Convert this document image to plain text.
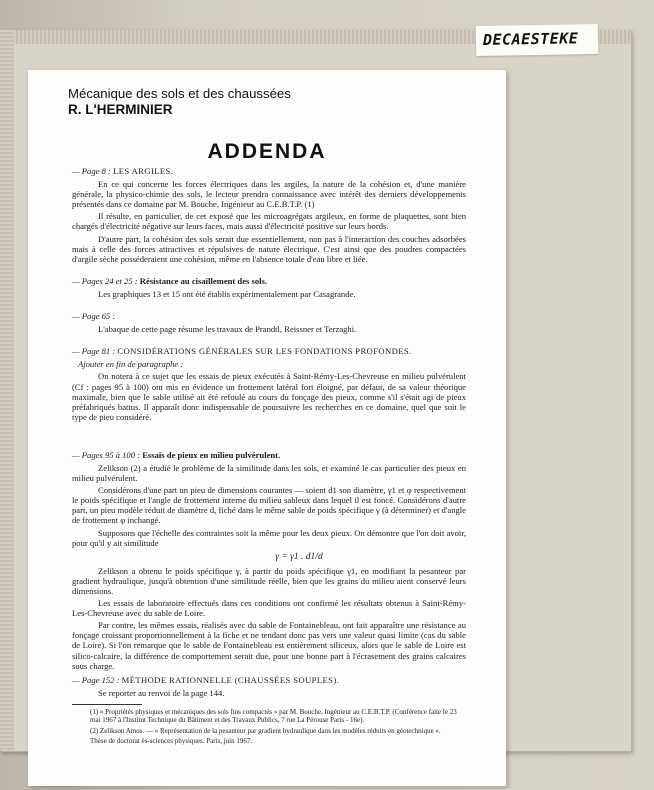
DECAESTEKE
Mécanique des sols et des chaussées
R. L'HERMINIER
ADDENDA
— Page 8 : LES ARGILES.

En ce qui concerne les forces électriques dans les argiles, la nature de la cohésion et, d'une manière générale, la physico-chimie des sols, le lecteur prendra connaissance avec intérêt des derniers développements présentés dans ce domaine par M. Bouche, Ingénieur au C.E.B.T.P. (1)

Il résulte, en particulier, de cet exposé que les microagrégats argileux, en forme de plaquettes, sont bien chargés d'électricité négative sur leurs faces, mais aussi d'électricité positive sur leurs bords.

D'autre part, la cohésion des sols serait due essentiellement, non pas à l'interaction des couches adsorbées mais à celle des forces attractives et répulsives de nature électrique. C'est ainsi que des poudres compactées d'argile sèche posséderaient une cohésion, même en l'absence totale d'eau libre et liée.

— Pages 24 et 25 : Résistance au cisaillement des sols.

Les graphiques 13 et 15 ont été établis expérimentalement par Casagrande.

— Page 65 :

L'abaque de cette page résume les travaux de Prandtl, Reissner et Terzaghi.

— Page 81 : CONSIDÉRATIONS GÉNÉRALES SUR LES FONDATIONS PROFONDES.

Ajouter en fin de paragraphe :

On notera à ce sujet que les essais de pieux exécutés à Saint-Rémy-Les-Chevreuse en milieu pulvérulent (Cf : pages 95 à 100) ont mis en évidence un frottement latéral fort éloigné, par défaut, de sa valeur théorique maximale, bien que le sable utilisé ait été refoulé au cours du fonçage des pieux, comme s'il s'était agi de pieux préfabriqués battus. Il apparaît donc indispensable de poursuivre les recherches en ce domaine, quel que soit le type de pieu considéré.

— Pages 95 à 100 : Essais de pieux en milieu pulvérulent.

Zelikson (2) a étudié le problème de la similitude dans les sols, et examiné le cas particulier des pieux en milieu pulvérulent.

Considérons d'une part un pieu de dimensions courantes — soient d1 son diamètre, γ1 et φ respectivement le poids spécifique et l'angle de frottement interne du milieu sableux dans lequel il est foncé. Considérons d'autre part, un pieu modèle réduit de diamètre d, fiché dans le même sable de poids spécifique γ (à déterminer) et d'angle de frottement φ inchangé.

Supposons que l'échelle des contraintes soit la même pour les deux pieux. On démontre que l'on doit avoir, pour qu'il y ait similitude

γ = γ1 . d1/d

Zelikson a obtenu le poids spécifique γ, à partir du poids spécifique γ1, en modifiant la pesanteur par gradient hydraulique, jusqu'à obtention d'une similitude réelle, bien que les grains du milieu aient conservé leurs dimensions.

Les essais de laboratoire effectués dans ces conditions ont confirmé les résultats obtenus à Saint-Rémy-Les-Chevreuse avec du sable de Loire.

Par contre, les mêmes essais, réalisés avec du sable de Fontainebleau, ont fait apparaître une résistance au fonçage croissant proportionnellement à la fiche et ne tendant donc pas vers une valeur quasi limite (cas du sable de Loire). Si l'on remarque que le sable de Fontainebleau est entièrement siliceux, alors que le sable de Loire est silico-calcaire, la différence de comportement serait due, pour une bonne part à l'écrasement des grains calcaires sous charge.

— Page 152 : MÉTHODE RATIONNELLE (CHAUSSÉES SOUPLES).

Se reporter au renvoi de la page 144.

(1) « Propriétés physiques et mécaniques des sols fins compactés » par M. Bouche, Ingénieur au C.E.B.T.P. (Conférence faite le 23 mai 1967 à l'Institut Technique du Bâtiment et des Travaux Publics, 7 rue La Pérouse Paris - 16e).

(2) Zelikson Amos. — « Représentation de la pesanteur par gradient hydraulique dans les modèles réduits en géotechnique ».

Thèse de doctorat ès-sciences physiques. Paris, juin 1967.
